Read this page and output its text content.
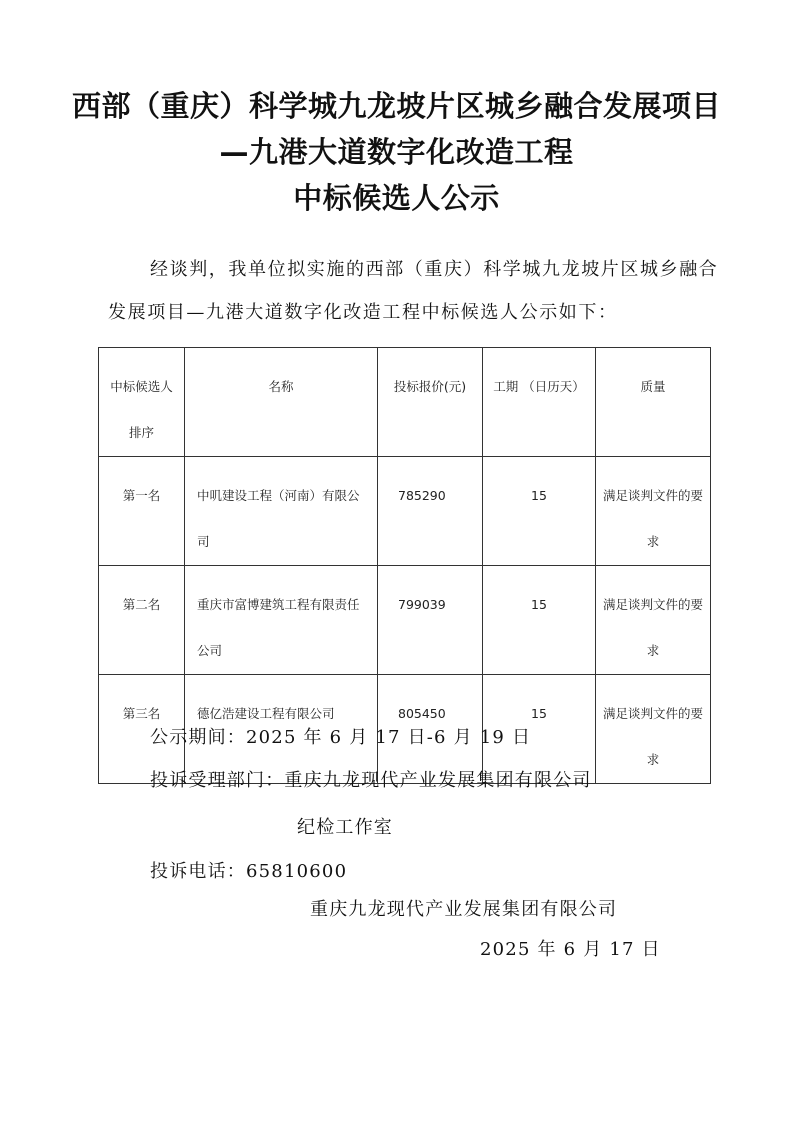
西部（重庆）科学城九龙坡片区城乡融合发展项目
—九港大道数字化改造工程
中标候选人公示
经谈判，我单位拟实施的西部（重庆）科学城九龙坡片区城乡融合
发展项目—九港大道数字化改造工程中标候选人公示如下：
中标候选人排序	名称	投标报价(元)	工期 （日历天）	质量
第一名	中叽建设工程（河南）有限公司	785290	15	满足谈判文件的要求
第二名	重庆市富博建筑工程有限责任公司	799039	15	满足谈判文件的要求
第三名	德亿浩建设工程有限公司	805450	15	满足谈判文件的要求
公示期间：2025 年 6 月 17 日-6 月 19 日
投诉受理部门：重庆九龙现代产业发展集团有限公司
纪检工作室
投诉电话：65810600
重庆九龙现代产业发展集团有限公司
2025 年 6 月 17 日
